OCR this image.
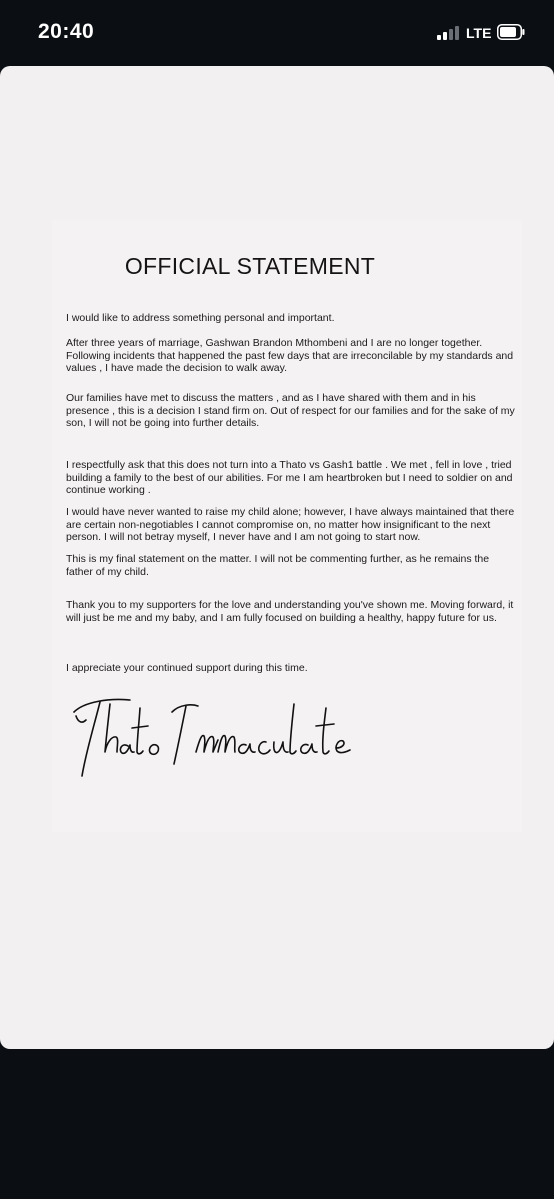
20:40	LTE
OFFICIAL STATEMENT

I would like to address something personal and important.

After three years of marriage, Gashwan Brandon Mthombeni and I are no longer together. Following incidents that happened the past few days that are irreconcilable by my standards and values , I have made the decision to walk away.

Our families have met to discuss the matters , and as I have shared with them and in his presence , this is a decision I stand firm on. Out of respect for our families and for the sake of my son, I will not be going into further details.

I respectfully ask that this does not turn into a Thato vs Gash1 battle . We met , fell in love , tried building a family to the best of our abilities. For me I am heartbroken but I need to soldier on and continue working .

I would have never wanted to raise my child alone; however, I have always maintained that there are certain non-negotiables I cannot compromise on, no matter how insignificant to the next person. I will not betray myself, I never have and I am not going to start now.

This is my final statement on the matter. I will not be commenting further, as he remains the father of my child.

Thank you to my supporters for the love and understanding you've shown me. Moving forward, it will just be me and my baby, and I am fully focused on building a healthy, happy future for us.

I appreciate your continued support during this time.
